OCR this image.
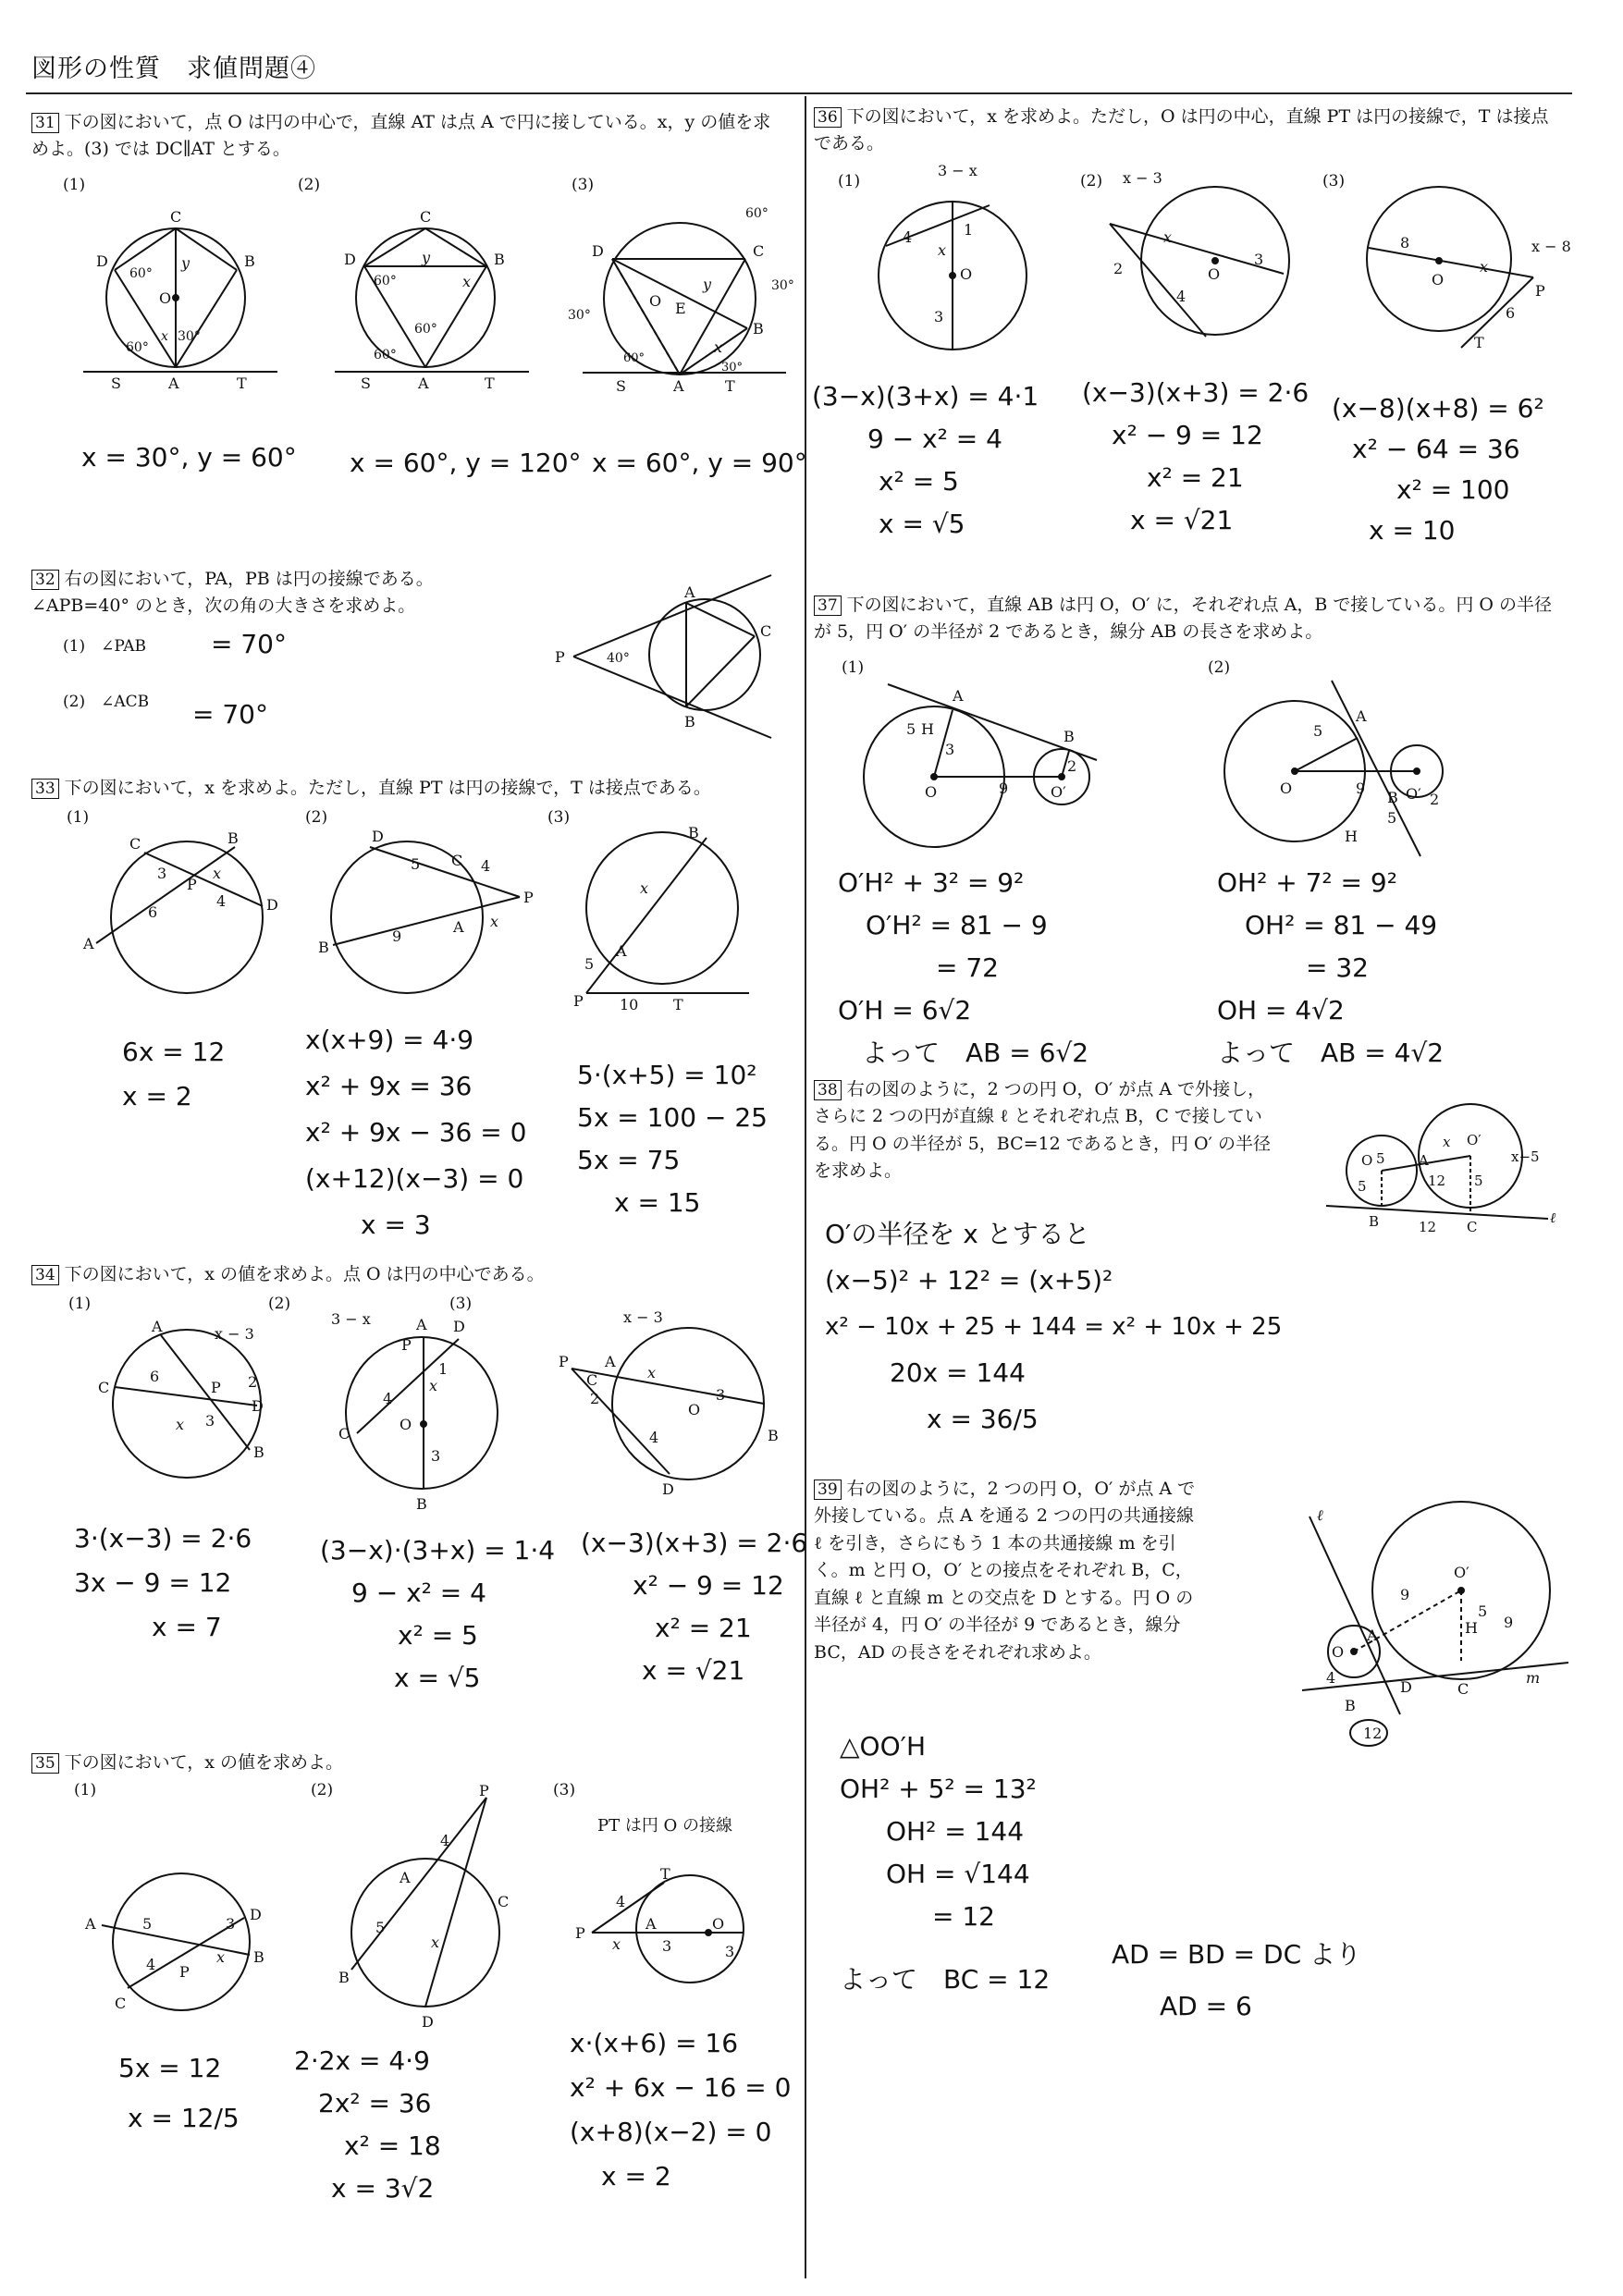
図形の性質　求値問題④
31 下の図において，点 O は円の中心で，直線 AT は点 A で円に接している。x，y の値を求めよ。(3) では DC∥AT とする。
(1)	(2)	(3)
C
D	B
O
A
S	T
60°
y
x 30°
60°
C
D	B
A
S	T
60°
y
x
60°
60°
D	C
B
O E
A
S	T
y
x
30°
60°
30°
60°
30°
x = 30°, y = 60° x = 60°, y = 120° x = 60°, y = 90°
32 右の図において，PA，PB は円の接線である。∠APB=40° のとき，次の角の大きさを求めよ。
(1)　∠PAB	= 70°
(2)　∠ACB = 70°
P
A
B
C
40°
33 下の図において，x を求めよ。ただし，直線 PT は円の接線で，T は接点である。
(1)	(2)	(3)
C	B
D
A
P
3	x
4
6
D
C
P
A
B
5	4
x
9
B
A
P	T
5
10
x
6x = 12
x = 2
x(x+9) = 4·9
x² + 9x = 36
x² + 9x − 36 = 0
(x+12)(x−3) = 0
x = 3
5·(x+5) = 10²
5x = 100 − 25
5x = 75
x = 15
34 下の図において，x の値を求めよ。点 O は円の中心である。
(1)	(2)	(3)
A
C	P
D
B
6	2
3
x
x − 3
A D
P
C
O
B
4
1
x
3
3 − x
P A
C
O
B
D
2
x
3
4
x − 3
3·(x−3) = 2·6
3x − 9 = 12
x = 7
(3−x)·(3+x) = 1·4
9 − x² = 4
x² = 5
x = √5
(x−3)(x+3) = 2·6
x² − 9 = 12
x² = 21
x = √21
35 下の図において，x の値を求めよ。
(1)	(2)	(3)
PT は円 O の接線
A
D
B
C
P
5	3
4	x
P
A
C
B
D
4
5
x
P
A
T
O
4
x	3	3
5x = 12
x = 12/5
2·2x = 4·9
2x² = 36
x² = 18
x = 3√2
x·(x+6) = 16
x² + 6x − 16 = 0
(x+8)(x−2) = 0
x = 2
36 下の図において，x を求めよ。ただし，O は円の中心，直線 PT は円の接線で，T は接点である。
(1)	(2)	(3)
O
4	1
x
3
3 − x
O
2
3
4
x
x − 3
O
8
x
P
6
T
x − 8
(3−x)(3+x) = 4·1
9 − x² = 4
x² = 5
x = √5
(x−3)(x+3) = 2·6
x² − 9 = 12
x² = 21
x = √21
(x−8)(x+8) = 6²
x² − 64 = 36
x² = 100
x = 10
37 下の図において，直線 AB は円 O，O′ に，それぞれ点 A，B で接している。円 O の半径が 5，円 O′ の半径が 2 であるとき，線分 AB の長さを求めよ。
(1)	(2)
A
B
O	O′
5 H
3
9
2
A
B
O	O′
5
9
H
5
2
O′H² + 3² = 9²
O′H² = 81 − 9
= 72
O′H = 6√2
よって　AB = 6√2
OH² + 7² = 9²
OH² = 81 − 49
= 32
OH = 4√2
よって　AB = 4√2
38 右の図のように，2 つの円 O，O′ が点 A で外接し，さらに 2 つの円が直線 ℓ とそれぞれ点 B，C で接している。円 O の半径が 5，BC=12 であるとき，円 O′ の半径を求めよ。
O 5 A
O′
x
5	12 5
x−5
B	12 C
ℓ
O′の半径を x とすると
(x−5)² + 12² = (x+5)²
x² − 10x + 25 + 144 = x² + 10x + 25
20x = 144
x = 36/5
39 右の図のように，2 つの円 O，O′ が点 A で外接している。点 A を通る 2 つの円の共通接線 ℓ を引き，さらにもう 1 本の共通接線 m を引く。m と円 O，O′ との接点をそれぞれ B，C，直線 ℓ と直線 m との交点を D とする。円 O の半径が 4，円 O′ の半径が 9 であるとき，線分 BC，AD の長さをそれぞれ求めよ。
ℓ
O′
O
A
9
5
H 9
4
B
D	C
m
12
△OO′H
OH² + 5² = 13²
OH² = 144
OH = √144
= 12
よって　BC = 12
AD = BD = DC より
AD = 6
